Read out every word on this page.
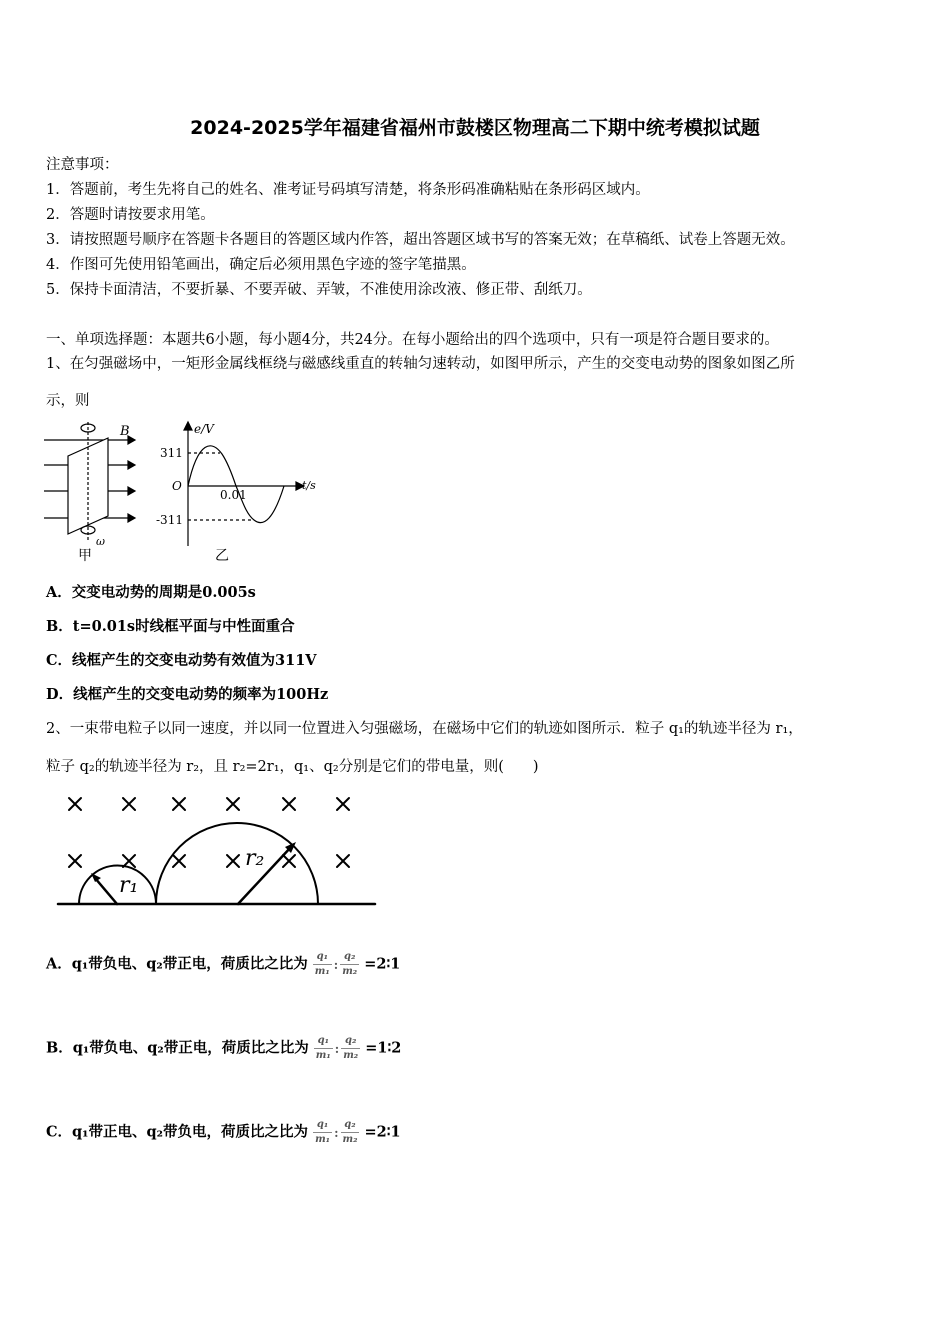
2024-2025学年福建省福州市鼓楼区物理高二下期中统考模拟试题
注意事项：
1．答题前，考生先将自己的姓名、准考证号码填写清楚，将条形码准确粘贴在条形码区域内。
2．答题时请按要求用笔。
3．请按照题号顺序在答题卡各题目的答题区域内作答，超出答题区域书写的答案无效；在草稿纸、试卷上答题无效。
4．作图可先使用铅笔画出，确定后必须用黑色字迹的签字笔描黑。
5．保持卡面清洁，不要折暴、不要弄破、弄皱，不准使用涂改液、修正带、刮纸刀。
一、单项选择题：本题共6小题，每小题4分，共24分。在每小题给出的四个选项中，只有一项是符合题目要求的。
1、在匀强磁场中，一矩形金属线框绕与磁感线重直的转轴匀速转动，如图甲所示，产生的交变电动势的图象如图乙所
示，则
B
ω
甲
e/V
t/s
O
311
-311
0.01
乙
A．交变电动势的周期是0.005s
B．t=0.01s时线框平面与中性面重合
C．线框产生的交变电动势有效值为311V
D．线框产生的交变电动势的频率为100Hz
2、一束带电粒子以同一速度，并以同一位置进入匀强磁场，在磁场中它们的轨迹如图所示．粒子 q₁的轨迹半径为 r₁，
粒子 q₂的轨迹半径为 r₂，且 r₂=2r₁，q₁、q₂分别是它们的带电量，则(　　)
r₁
r₂
A．q₁带负电、q₂带正电，荷质比之比为 $\frac{\text{q₁}}{\text{m₁}}$ : $\frac{\text{q₂}}{\text{m₂}}$ =2∶1
B．q₁带负电、q₂带正电，荷质比之比为 $\frac{\text{q₁}}{\text{m₁}}$ : $\frac{\text{q₂}}{\text{m₂}}$ =1∶2
C．q₁带正电、q₂带负电，荷质比之比为 $\frac{\text{q₁}}{\text{m₁}}$ : $\frac{\text{q₂}}{\text{m₂}}$ =2∶1
